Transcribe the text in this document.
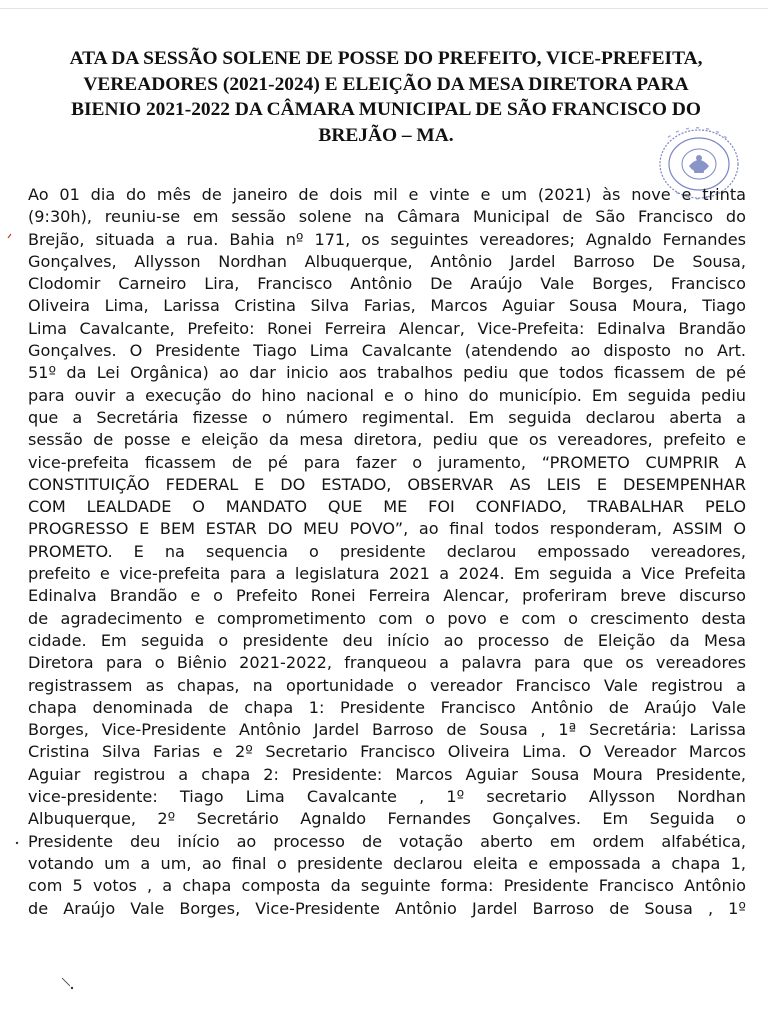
ATA DA SESSÃO SOLENE DE POSSE DO PREFEITO, VICE-PREFEITA,
VEREADORES (2021-2024) E ELEIÇÃO DA MESA DIRETORA PARA
BIENIO 2021-2022 DA CÂMARA MUNICIPAL DE SÃO FRANCISCO DO
BREJÃO – MA.
Ao 01 dia do mês de janeiro de dois mil e vinte e um (2021) às nove e trinta
(9:30h), reuniu-se em sessão solene na Câmara Municipal de São Francisco do
Brejão, situada a rua. Bahia nº 171, os seguintes vereadores; Agnaldo Fernandes
Gonçalves, Allysson Nordhan Albuquerque, Antônio Jardel Barroso De Sousa,
Clodomir Carneiro Lira, Francisco Antônio De Araújo Vale Borges, Francisco
Oliveira Lima, Larissa Cristina Silva Farias, Marcos Aguiar Sousa Moura, Tiago
Lima Cavalcante, Prefeito: Ronei Ferreira Alencar, Vice-Prefeita: Edinalva Brandão
Gonçalves. O Presidente Tiago Lima Cavalcante (atendendo ao disposto no Art.
51º da Lei Orgânica) ao dar inicio aos trabalhos pediu que todos ficassem de pé
para ouvir a execução do hino nacional e o hino do município. Em seguida pediu
que a Secretária fizesse o número regimental. Em seguida declarou aberta a
sessão de posse e eleição da mesa diretora, pediu que os vereadores, prefeito e
vice-prefeita ficassem de pé para fazer o juramento, “PROMETO CUMPRIR A
CONSTITUIÇÃO FEDERAL E DO ESTADO, OBSERVAR AS LEIS E DESEMPENHAR
COM LEALDADE O MANDATO QUE ME FOI CONFIADO, TRABALHAR PELO
PROGRESSO E BEM ESTAR DO MEU POVO”, ao final todos responderam, ASSIM O
PROMETO. E na sequencia o presidente declarou empossado vereadores,
prefeito e vice-prefeita para a legislatura 2021 a 2024. Em seguida a Vice Prefeita
Edinalva Brandão e o Prefeito Ronei Ferreira Alencar, proferiram breve discurso
de agradecimento e comprometimento com o povo e com o crescimento desta
cidade. Em seguida o presidente deu início ao processo de Eleição da Mesa
Diretora para o Biênio 2021-2022, franqueou a palavra para que os vereadores
registrassem as chapas, na oportunidade o vereador Francisco Vale registrou a
chapa denominada de chapa 1: Presidente Francisco Antônio de Araújo Vale
Borges, Vice-Presidente Antônio Jardel Barroso de Sousa , 1ª Secretária: Larissa
Cristina Silva Farias e 2º Secretario Francisco Oliveira Lima. O Vereador Marcos
Aguiar registrou a chapa 2: Presidente: Marcos Aguiar Sousa Moura Presidente,
vice-presidente: Tiago Lima Cavalcante , 1º secretario Allysson Nordhan
Albuquerque, 2º Secretário Agnaldo Fernandes Gonçalves. Em Seguida o
Presidente deu início ao processo de votação aberto em ordem alfabética,
votando um a um, ao final o presidente declarou eleita e empossada a chapa 1,
com 5 votos , a chapa composta da seguinte forma: Presidente Francisco Antônio
de Araújo Vale Borges, Vice-Presidente Antônio Jardel Barroso de Sousa , 1º
